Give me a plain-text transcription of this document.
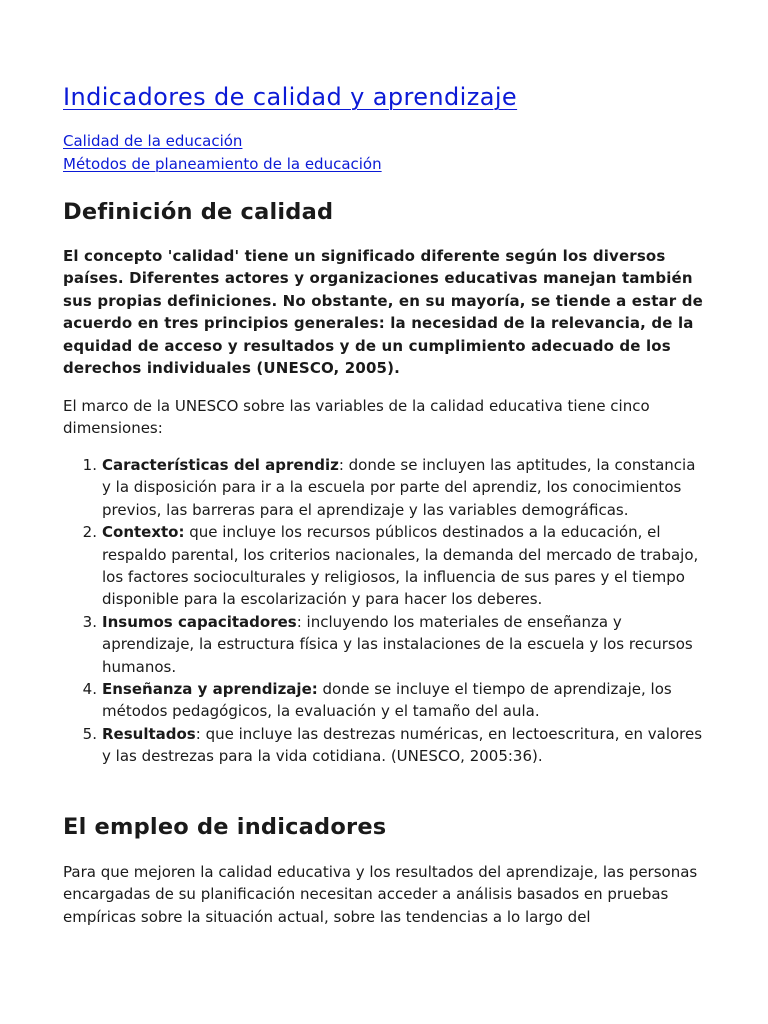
Indicadores de calidad y aprendizaje
Calidad de la educación
Métodos de planeamiento de la educación
Definición de calidad

El concepto 'calidad' tiene un significado diferente según los diversos países. Diferentes actores y organizaciones educativas manejan también sus propias definiciones. No obstante, en su mayoría, se tiende a estar de acuerdo en tres principios generales: la necesidad de la relevancia, de la equidad de acceso y resultados y de un cumplimiento adecuado de los derechos individuales (UNESCO, 2005).

El marco de la UNESCO sobre las variables de la calidad educativa tiene cinco dimensiones:

Características del aprendiz: donde se incluyen las aptitudes, la constancia y la disposición para ir a la escuela por parte del aprendiz, los conocimientos previos, las barreras para el aprendizaje y las variables demográficas.
Contexto: que incluye los recursos públicos destinados a la educación, el respaldo parental, los criterios nacionales, la demanda del mercado de trabajo, los factores socioculturales y religiosos, la influencia de sus pares y el tiempo disponible para la escolarización y para hacer los deberes.
Insumos capacitadores: incluyendo los materiales de enseñanza y aprendizaje, la estructura física y las instalaciones de la escuela y los recursos humanos.
Enseñanza y aprendizaje: donde se incluye el tiempo de aprendizaje, los métodos pedagógicos, la evaluación y el tamaño del aula.
Resultados: que incluye las destrezas numéricas, en lectoescritura, en valores y las destrezas para la vida cotidiana. (UNESCO, 2005:36).
El empleo de indicadores

Para que mejoren la calidad educativa y los resultados del aprendizaje, las personas encargadas de su planificación necesitan acceder a análisis basados en pruebas empíricas sobre la situación actual, sobre las tendencias a lo largo del
